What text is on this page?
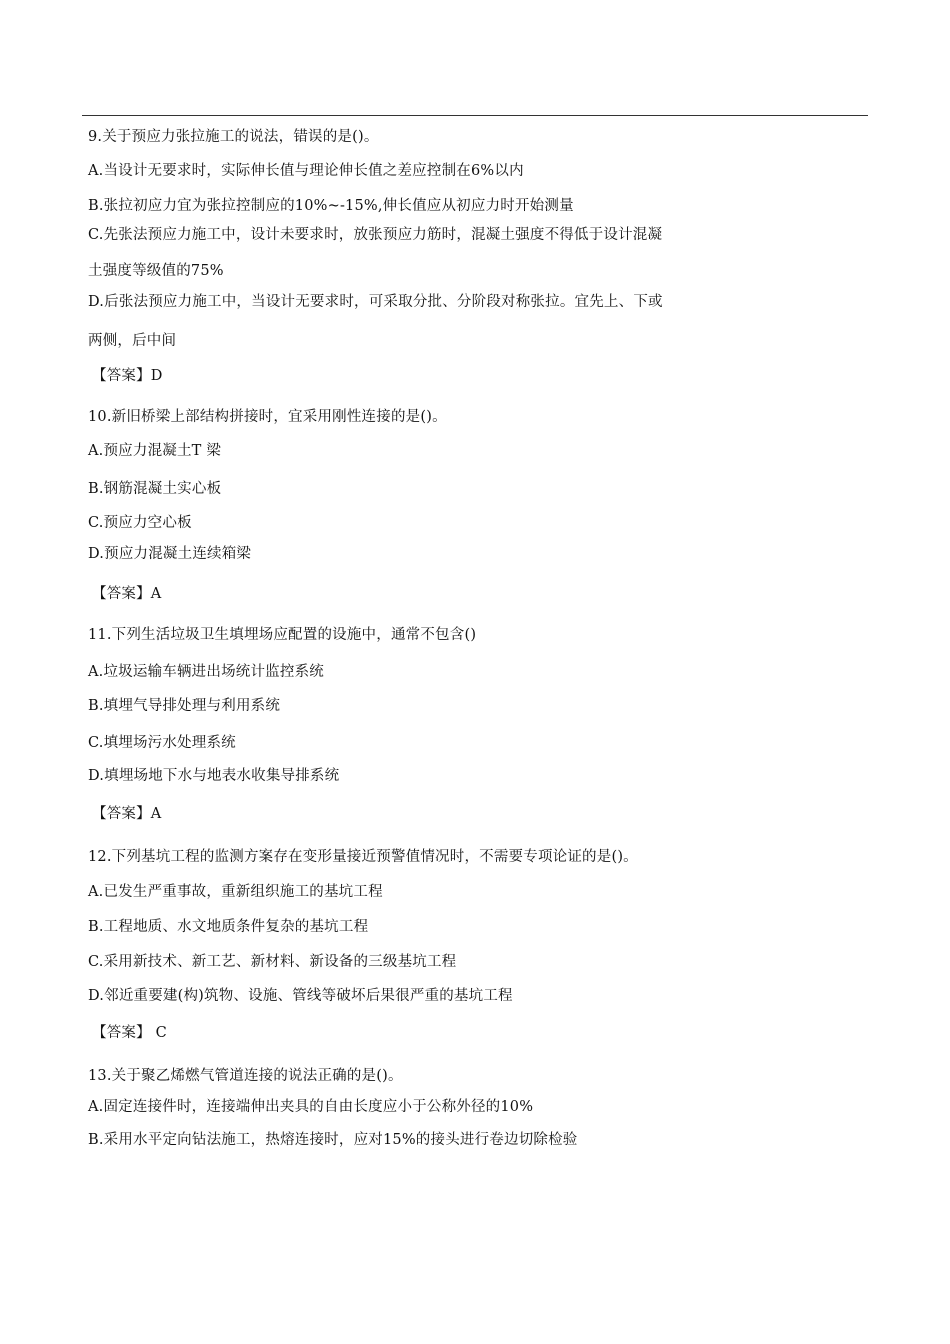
9.关于预应力张拉施工的说法，错误的是()。
A.当设计无要求时，实际伸长值与理论伸长值之差应控制在6%以内
B.张拉初应力宜为张拉控制应的10%~-15%,伸长值应从初应力时开始测量
C.先张法预应力施工中，设计未要求时，放张预应力筋时，混凝土强度不得低于设计混凝
土强度等级值的75%
D.后张法预应力施工中，当设计无要求时，可采取分批、分阶段对称张拉。宜先上、下或
两侧，后中间
【答案】D
10.新旧桥梁上部结构拼接时，宜采用刚性连接的是()。
A.预应力混凝土T 梁
B.钢筋混凝土实心板
C.预应力空心板
D.预应力混凝土连续箱梁
【答案】A
11.下列生活垃圾卫生填埋场应配置的设施中，通常不包含()
A.垃圾运输车辆进出场统计监控系统
B.填埋气导排处理与利用系统
C.填埋场污水处理系统
D.填埋场地下水与地表水收集导排系统
【答案】A
12.下列基坑工程的监测方案存在变形量接近预警值情况时，不需要专项论证的是()。
A.已发生严重事故，重新组织施工的基坑工程
B.工程地质、水文地质条件复杂的基坑工程
C.采用新技术、新工艺、新材料、新设备的三级基坑工程
D.邻近重要建(构)筑物、设施、管线等破坏后果很严重的基坑工程
【答案】 C
13.关于聚乙烯燃气管道连接的说法正确的是()。
A.固定连接件时，连接端伸出夹具的自由长度应小于公称外径的10%
B.采用水平定向钻法施工，热熔连接时，应对15%的接头进行卷边切除检验
